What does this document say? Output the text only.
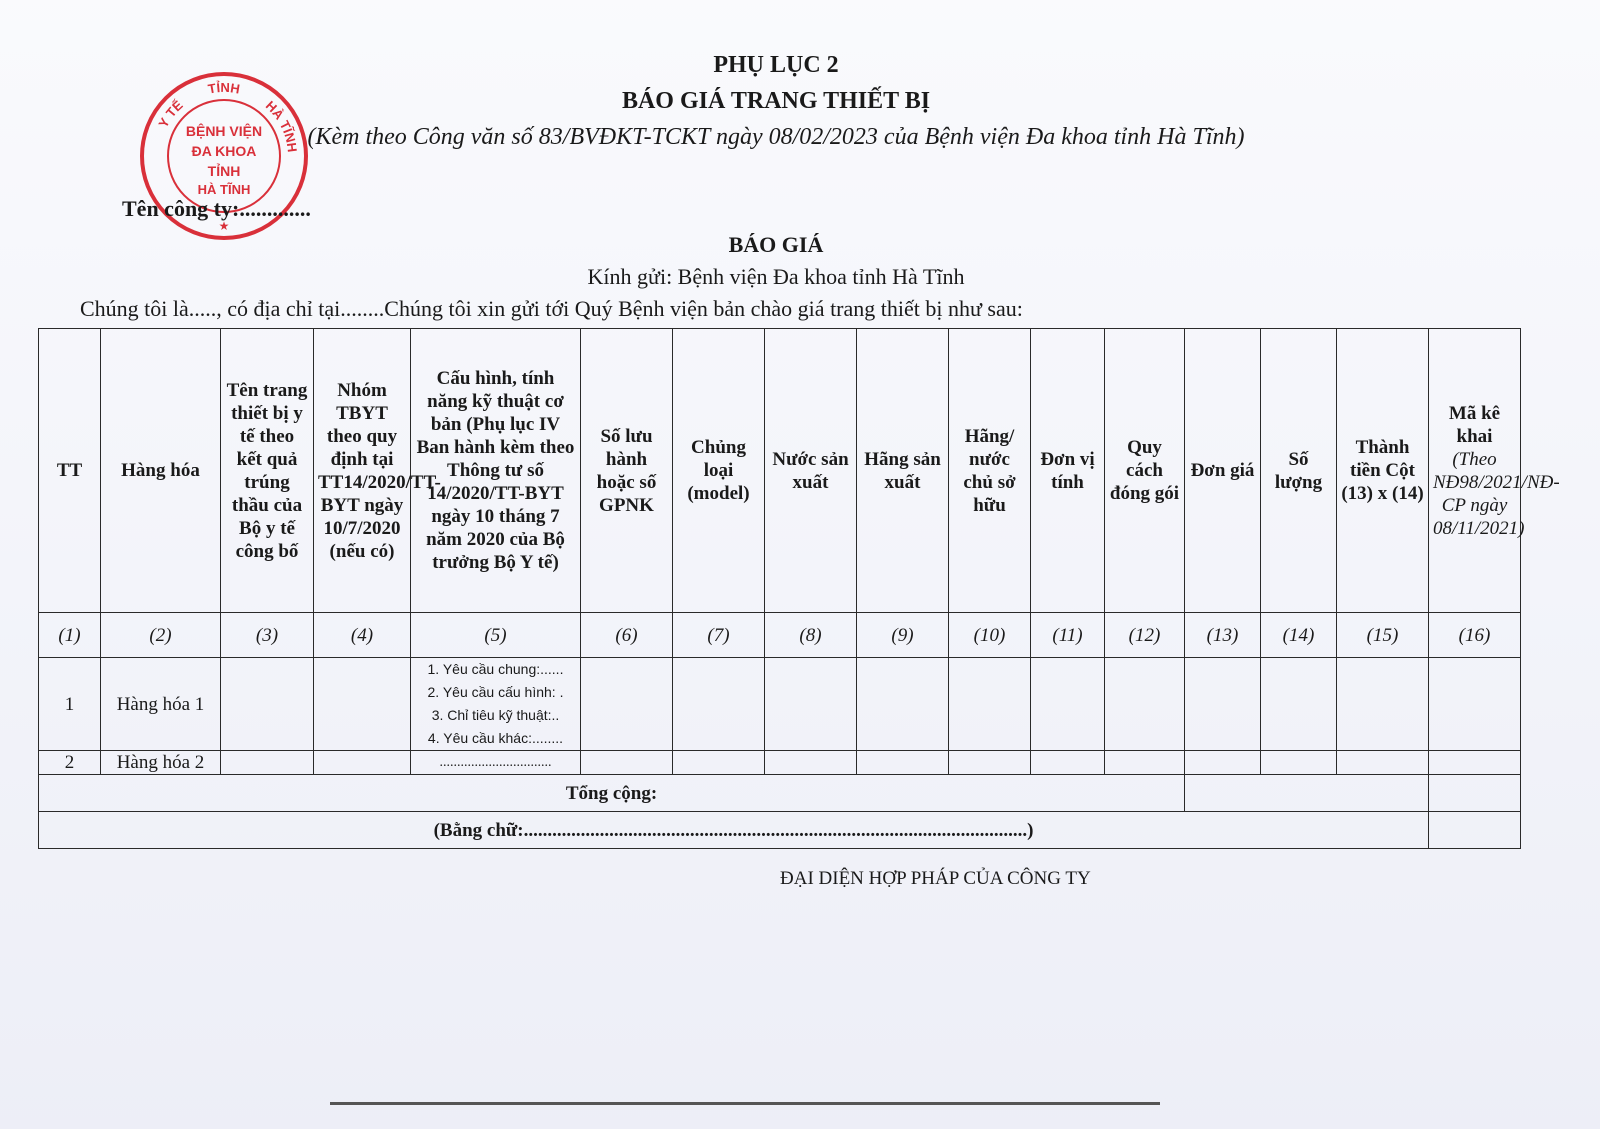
Y TẾ
TỈNH
HÀ TĨNH
BỆNH VIỆN
ĐA KHOA
TỈNH
HÀ TĨNH
★
PHỤ LỤC 2
BÁO GIÁ TRANG THIẾT BỊ
(Kèm theo Công văn số 83/BVĐKT-TCKT ngày 08/02/2023 của Bệnh viện Đa khoa tỉnh Hà Tĩnh)
Tên công ty:.............
BÁO GIÁ
Kính gửi: Bệnh viện Đa khoa tỉnh Hà Tĩnh
Chúng tôi là....., có địa chỉ tại........Chúng tôi xin gửi tới Quý Bệnh viện bản chào giá trang thiết bị như sau:
TT	Hàng hóa	Tên trang thiết bị y tế theo kết quả trúng thầu của Bộ y tế công bố	Nhóm TBYT theo quy định tại TT14/2020/TT-BYT ngày 10/7/2020 (nếu có)	Cấu hình, tính năng kỹ thuật cơ bản (Phụ lục IV Ban hành kèm theo Thông tư số 14/2020/TT-BYT ngày 10 tháng 7 năm 2020 của Bộ trưởng Bộ Y tế)	Số lưu hành hoặc số GPNK	Chủng loại (model)	Nước sản xuất	Hãng sản xuất	Hãng/ nước chủ sở hữu	Đơn vị tính	Quy cách đóng gói	Đơn giá	Số lượng	Thành tiền Cột (13) x (14)	Mã kê khai
(Theo NĐ98/2021/NĐ-CP ngày 08/11/2021)

(1)	(2)	(3)	(4)	(5)	(6)	(7)	(8)	(9)	(10)	(11)	(12)	(13)	(14)	(15)	(16)
1	Hàng hóa 1			1. Yêu cầu chung:......
2. Yêu cầu cấu hình: .
3. Chỉ tiêu kỹ thuật:..
4. Yêu cầu khác:........											

2	Hàng hóa 2			................................											
Tổng cộng:															
(Bằng chữ:..........................................................................................................)															
ĐẠI DIỆN HỢP PHÁP CỦA CÔNG TY
